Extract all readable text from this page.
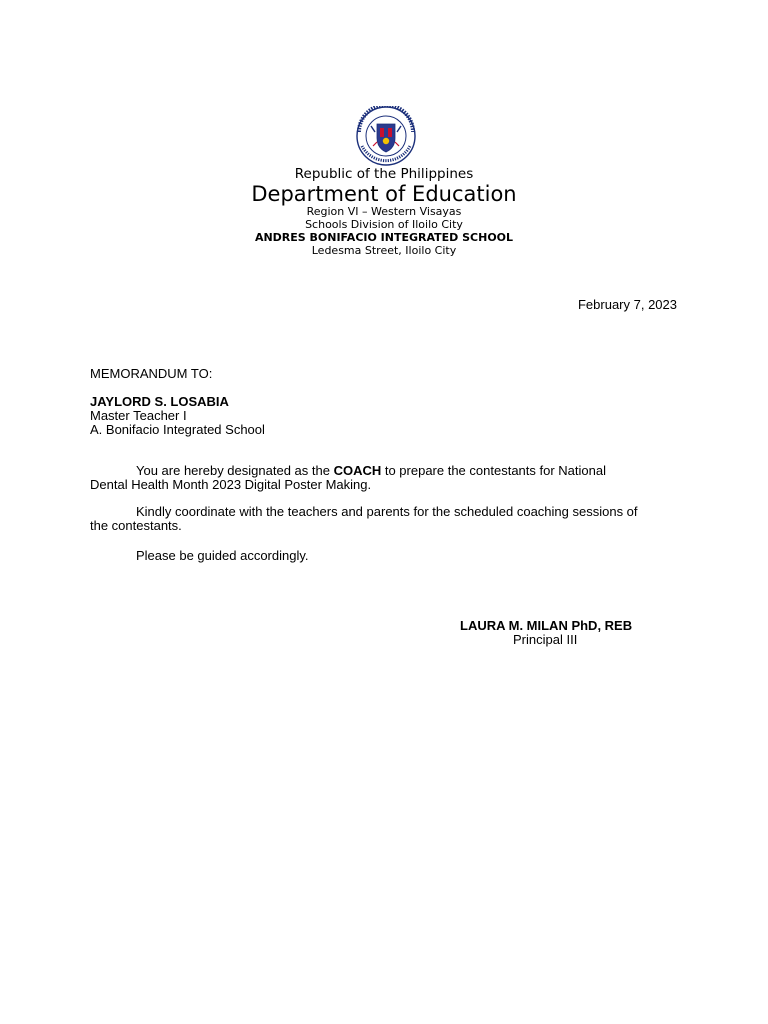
Republic of the Philippines
Department of Education
Region VI – Western Visayas
Schools Division of Iloilo City
ANDRES BONIFACIO INTEGRATED SCHOOL
Ledesma Street, Iloilo City
February 7, 2023
MEMORANDUM TO:
JAYLORD S. LOSABIA
Master Teacher I
A. Bonifacio Integrated School
You are hereby designated as the COACH to prepare the contestants for National
Dental Health Month 2023 Digital Poster Making.
Kindly coordinate with the teachers and parents for the scheduled coaching sessions of
the contestants.
Please be guided accordingly.
LAURA M. MILAN PhD, REB
Principal III
